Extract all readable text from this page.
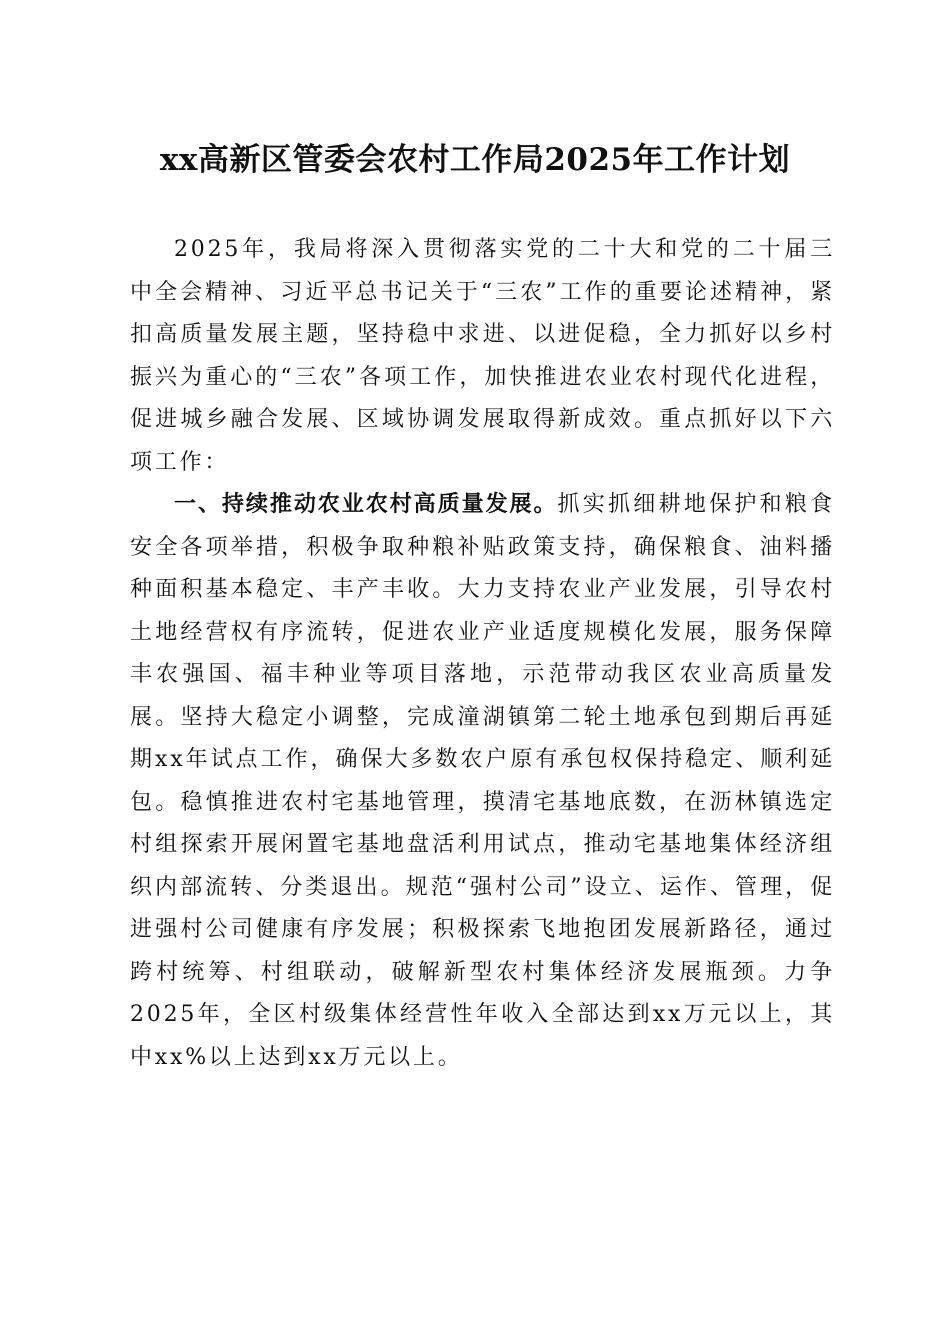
xx高新区管委会农村工作局2025年工作计划

2025年，我局将深入贯彻落实党的二十大和党的二十届三中全会精神、习近平总书记关于“三农”工作的重要论述精神，紧扣高质量发展主题，坚持稳中求进、以进促稳，全力抓好以乡村振兴为重心的“三农”各项工作，加快推进农业农村现代化进程，促进城乡融合发展、区域协调发展取得新成效。重点抓好以下六项工作：

一、持续推动农业农村高质量发展。抓实抓细耕地保护和粮食安全各项举措，积极争取种粮补贴政策支持，确保粮食、油料播种面积基本稳定、丰产丰收。大力支持农业产业发展，引导农村土地经营权有序流转，促进农业产业适度规模化发展，服务保障丰农强国、福丰种业等项目落地，示范带动我区农业高质量发展。坚持大稳定小调整，完成潼湖镇第二轮土地承包到期后再延期xx年试点工作，确保大多数农户原有承包权保持稳定、顺利延包。稳慎推进农村宅基地管理，摸清宅基地底数，在沥林镇选定村组探索开展闲置宅基地盘活利用试点，推动宅基地集体经济组织内部流转、分类退出。规范“强村公司”设立、运作、管理，促进强村公司健康有序发展；积极探索飞地抱团发展新路径，通过跨村统筹、村组联动，破解新型农村集体经济发展瓶颈。力争2025年，全区村级集体经营性年收入全部达到xx万元以上，其中xx%以上达到xx万元以上。
